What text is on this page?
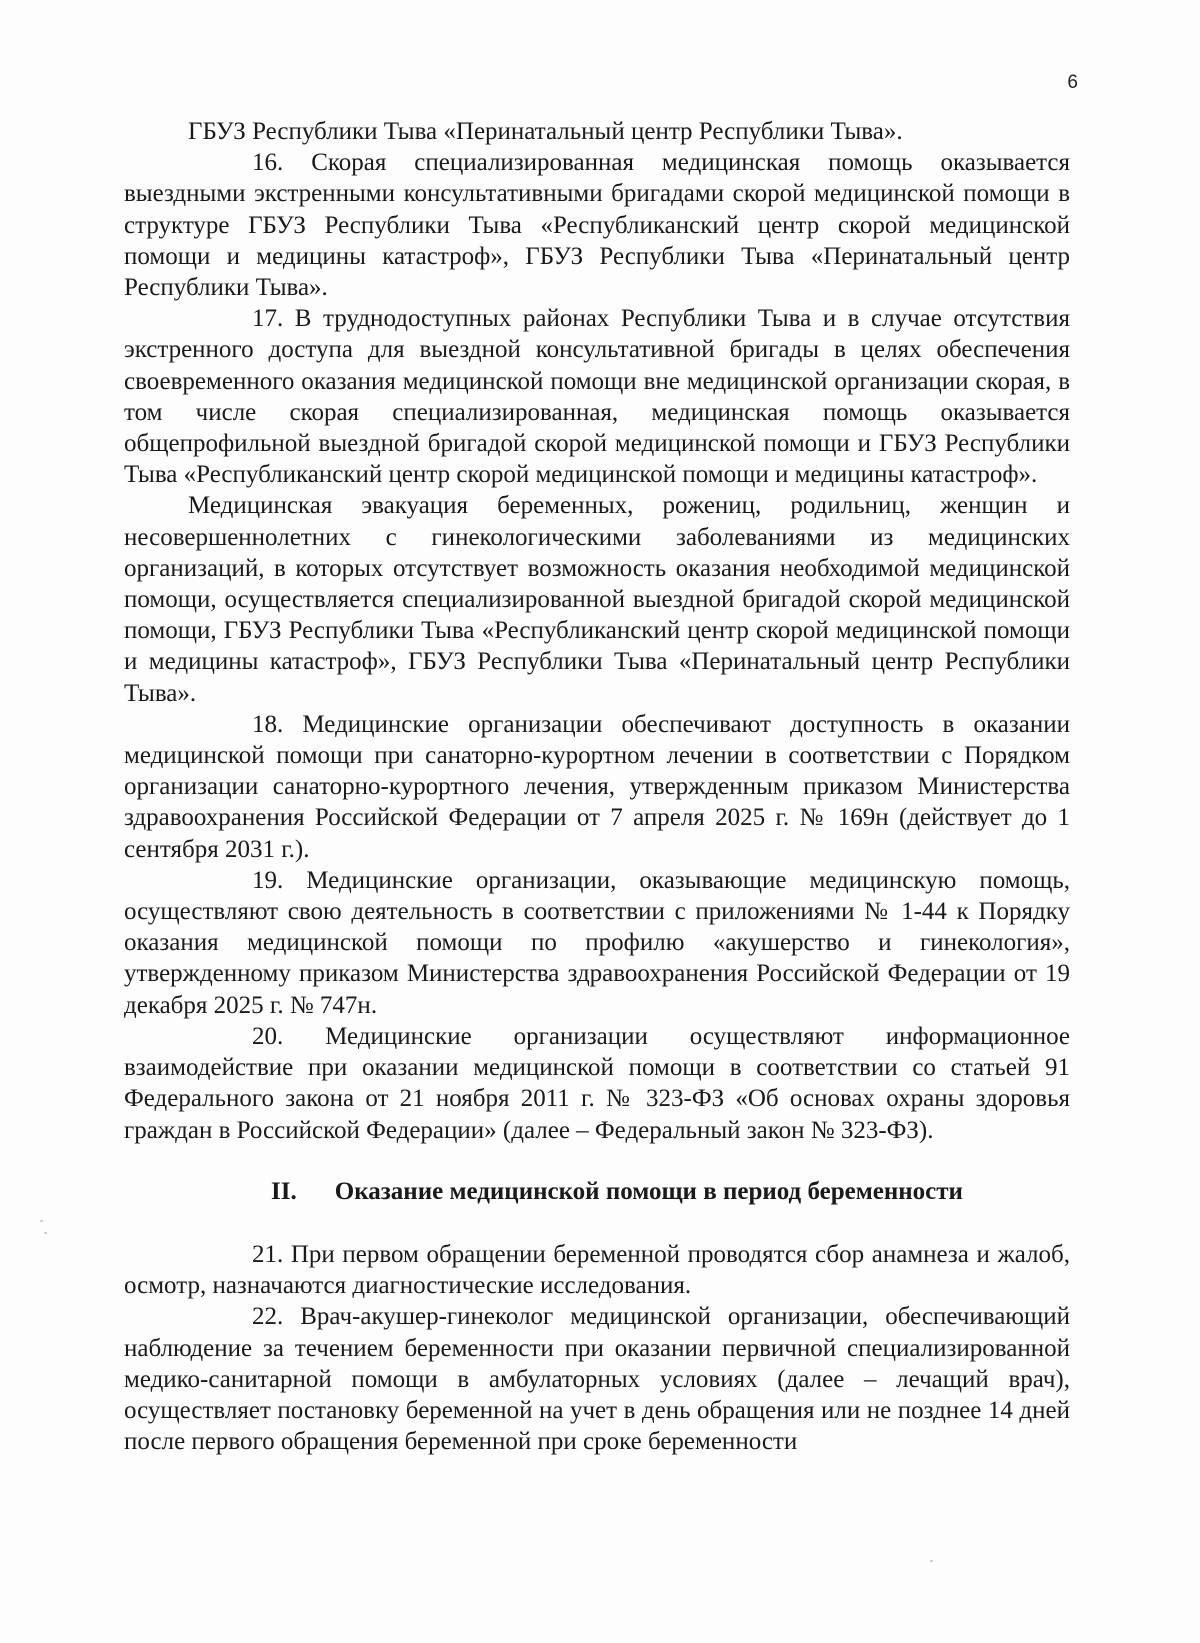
6

ГБУЗ Республики Тыва «Перинатальный центр Республики Тыва».

16. Скорая специализированная медицинская помощь оказывается выездными экстренными консультативными бригадами скорой медицинской помощи в структуре ГБУЗ Республики Тыва «Республиканский центр скорой медицинской помощи и медицины катастроф», ГБУЗ Республики Тыва «Перинатальный центр Республики Тыва».

17. В труднодоступных районах Республики Тыва и в случае отсутствия экстренного доступа для выездной консультативной бригады в целях обеспечения своевременного оказания медицинской помощи вне медицинской организации скорая, в том числе скорая специализированная, медицинская помощь оказывается общепрофильной выездной бригадой скорой медицинской помощи и ГБУЗ Республики Тыва «Республиканский центр скорой медицинской помощи и медицины катастроф».

Медицинская эвакуация беременных, рожениц, родильниц, женщин и несовершеннолетних с гинекологическими заболеваниями из медицинских организаций, в которых отсутствует возможность оказания необходимой медицинской помощи, осуществляется специализированной выездной бригадой скорой медицинской помощи, ГБУЗ Республики Тыва «Республиканский центр скорой медицинской помощи и медицины катастроф», ГБУЗ Республики Тыва «Перинатальный центр Республики Тыва».

18. Медицинские организации обеспечивают доступность в оказании медицинской помощи при санаторно-курортном лечении в соответствии с Порядком организации санаторно-курортного лечения, утвержденным приказом Министерства здравоохранения Российской Федерации от 7 апреля 2025 г. № 169н (действует до 1 сентября 2031 г.).

19. Медицинские организации, оказывающие медицинскую помощь, осуществляют свою деятельность в соответствии с приложениями № 1-44 к Порядку оказания медицинской помощи по профилю «акушерство и гинекология», утвержденному приказом Министерства здравоохранения Российской Федерации от 19 декабря 2025 г. № 747н.

20. Медицинские организации осуществляют информационное взаимодействие при оказании медицинской помощи в соответствии со статьей 91 Федерального закона от 21 ноября 2011 г. № 323-ФЗ «Об основах охраны здоровья граждан в Российской Федерации» (далее – Федеральный закон № 323-ФЗ).

II. Оказание медицинской помощи в период беременности

21. При первом обращении беременной проводятся сбор анамнеза и жалоб, осмотр, назначаются диагностические исследования.

22. Врач-акушер-гинеколог медицинской организации, обеспечивающий наблюдение за течением беременности при оказании первичной специализированной медико-санитарной помощи в амбулаторных условиях (далее – лечащий врач), осуществляет постановку беременной на учет в день обращения или не позднее 14 дней после первого обращения беременной при сроке беременности
